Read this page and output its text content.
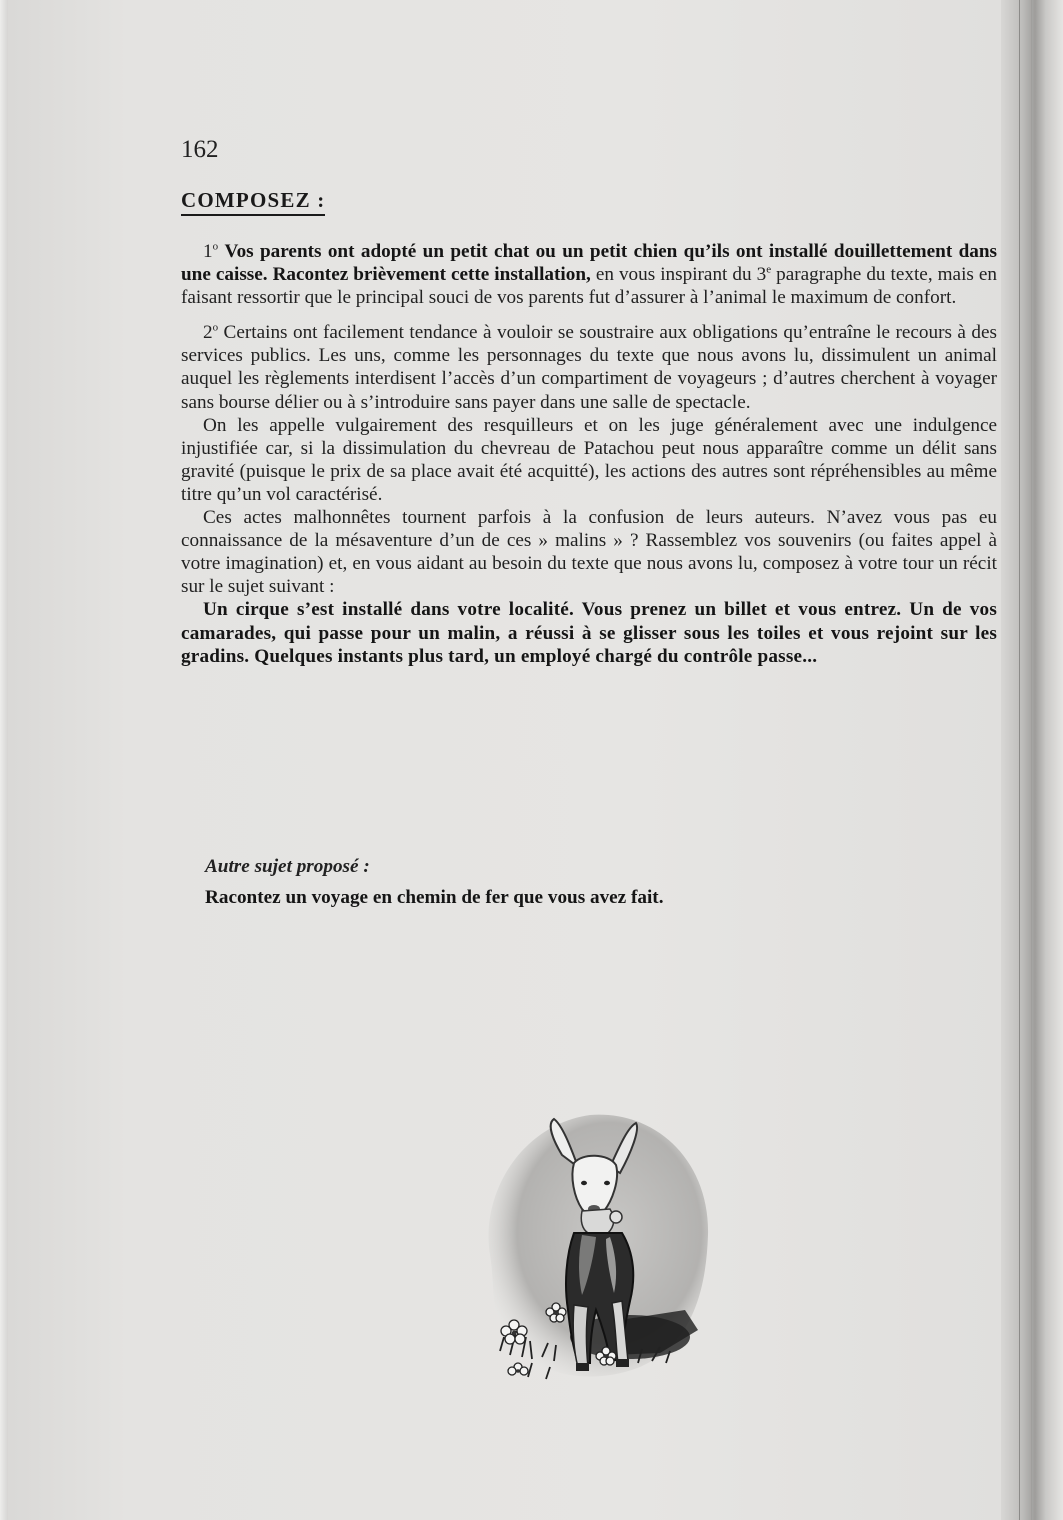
162
COMPOSEZ :

1$^o$ Vos parents ont adopté un petit chat ou un petit chien qu’ils ont installé douillettement dans une caisse. Racontez brièvement cette installation, en vous inspirant du 3e paragraphe du texte, mais en faisant ressortir que le principal souci de vos parents fut d’assurer à l’animal le maximum de confort.

2$^o$ Certains ont facilement tendance à vouloir se soustraire aux obligations qu’entraîne le recours à des services publics. Les uns, comme les personnages du texte que nous avons lu, dissimulent un animal auquel les règlements interdisent l’accès d’un compartiment de voyageurs ; d’autres cherchent à voyager sans bourse délier ou à s’introduire sans payer dans une salle de spectacle.

On les appelle vulgairement des resquilleurs et on les juge généralement avec une indulgence injustifiée car, si la dissimulation du chevreau de Patachou peut nous apparaître comme un délit sans gravité (puisque le prix de sa place avait été acquitté), les actions des autres sont répréhensibles au même titre qu’un vol caractérisé.

Ces actes malhonnêtes tournent parfois à la confusion de leurs auteurs. N’avez vous pas eu connaissance de la mésaventure d’un de ces » malins » ? Rassemblez vos souvenirs (ou faites appel à votre imagination) et, en vous aidant au besoin du texte que nous avons lu, composez à votre tour un récit sur le sujet suivant :

Un cirque s’est installé dans votre localité. Vous prenez un billet et vous entrez. Un de vos camarades, qui passe pour un malin, a réussi à se glisser sous les toiles et vous rejoint sur les gradins. Quelques instants plus tard, un employé chargé du contrôle passe...

Autre sujet proposé :
Racontez un voyage en chemin de fer que vous avez fait.
